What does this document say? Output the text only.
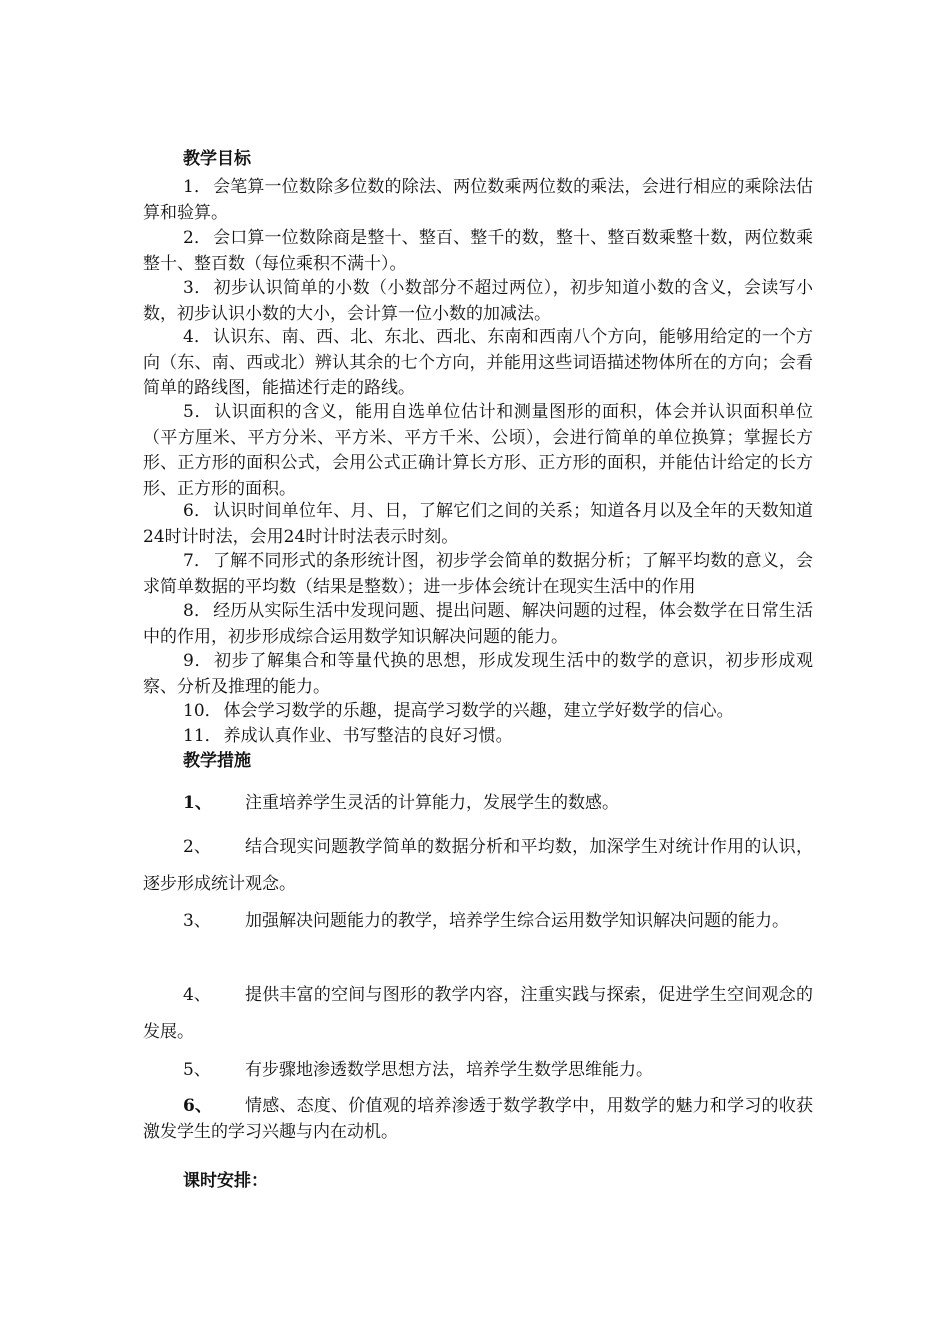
教学目标
1． 会笔算一位数除多位数的除法、两位数乘两位数的乘法，会进行相应的乘除法估算和验算。
2． 会口算一位数除商是整十、整百、整千的数，整十、整百数乘整十数，两位数乘整十、整百数（每位乘积不满十）。
3． 初步认识简单的小数（小数部分不超过两位），初步知道小数的含义，会读写小数，初步认识小数的大小，会计算一位小数的加减法。
4． 认识东、南、西、北、东北、西北、东南和西南八个方向，能够用给定的一个方向（东、南、西或北）辨认其余的七个方向，并能用这些词语描述物体所在的方向；会看简单的路线图，能描述行走的路线。
5． 认识面积的含义，能用自选单位估计和测量图形的面积，体会并认识面积单位（平方厘米、平方分米、平方米、平方千米、公顷），会进行简单的单位换算；掌握长方形、正方形的面积公式，会用公式正确计算长方形、正方形的面积，并能估计给定的长方形、正方形的面积。
6． 认识时间单位年、月、日，了解它们之间的关系；知道各月以及全年的天数知道24时计时法，会用24时计时法表示时刻。
7． 了解不同形式的条形统计图，初步学会简单的数据分析；了解平均数的意义，会求简单数据的平均数（结果是整数）；进一步体会统计在现实生活中的作用
8． 经历从实际生活中发现问题、提出问题、解决问题的过程，体会数学在日常生活中的作用，初步形成综合运用数学知识解决问题的能力。
9． 初步了解集合和等量代换的思想，形成发现生活中的数学的意识，初步形成观察、分析及推理的能力。
10． 体会学习数学的乐趣，提高学习数学的兴趣，建立学好数学的信心。
11． 养成认真作业、书写整洁的良好习惯。
教学措施
1、	注重培养学生灵活的计算能力，发展学生的数感。
2、	结合现实问题教学简单的数据分析和平均数，加深学生对统计作用的认识，逐步形成统计观念。
3、	加强解决问题能力的教学，培养学生综合运用数学知识解决问题的能力。
4、	提供丰富的空间与图形的教学内容，注重实践与探索，促进学生空间观念的发展。
5、	有步骤地渗透数学思想方法，培养学生数学思维能力。
6、	情感、态度、价值观的培养渗透于数学教学中，用数学的魅力和学习的收获激发学生的学习兴趣与内在动机。
课时安排：
